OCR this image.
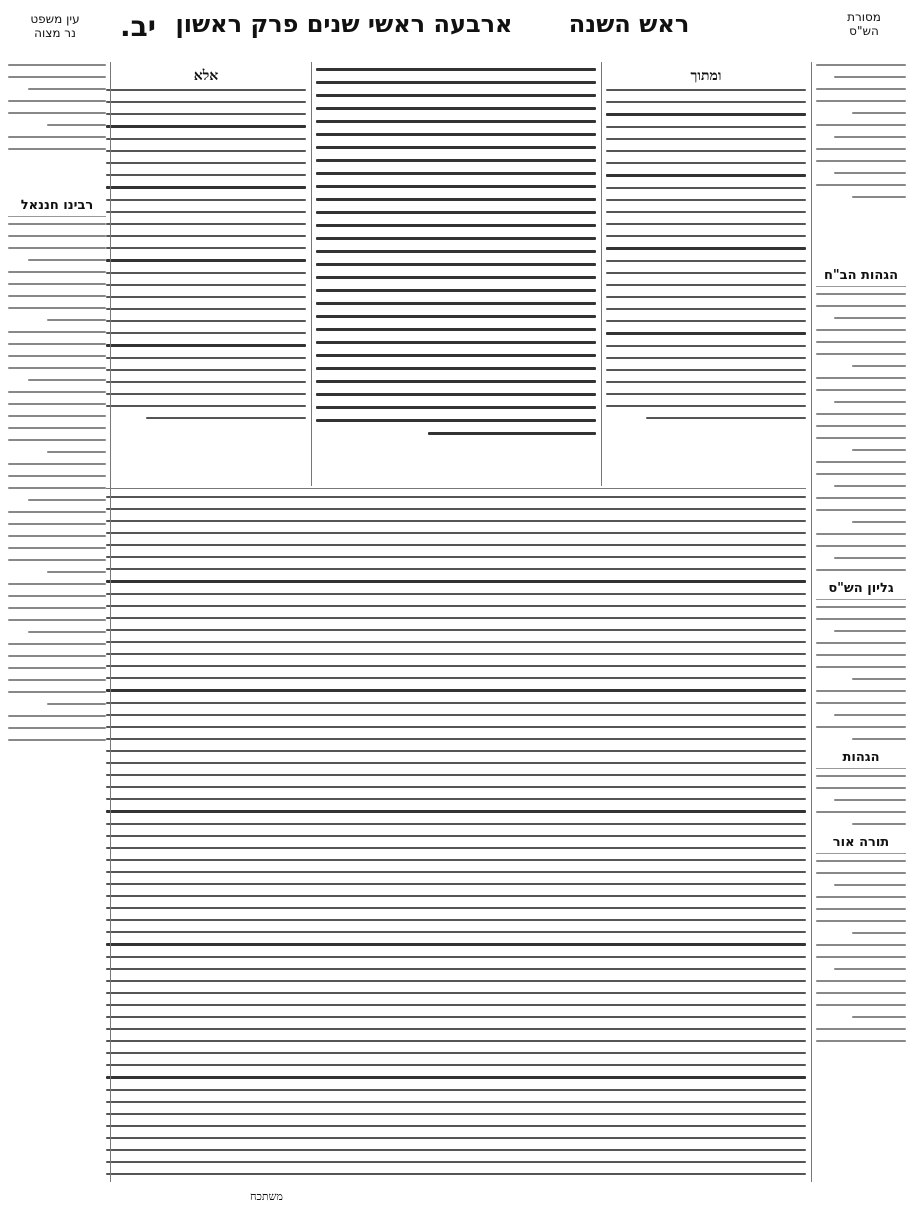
מסורת
הש"ס
ארבעה ראשי שנים פרק ראשון	ראש השנה
יב.
עין משפט
נר מצוה
הגהות הב"ח
גליון הש"ס
הגהות
תורה אור
רבינו חננאל
ומתוך
אלא
משתכח
